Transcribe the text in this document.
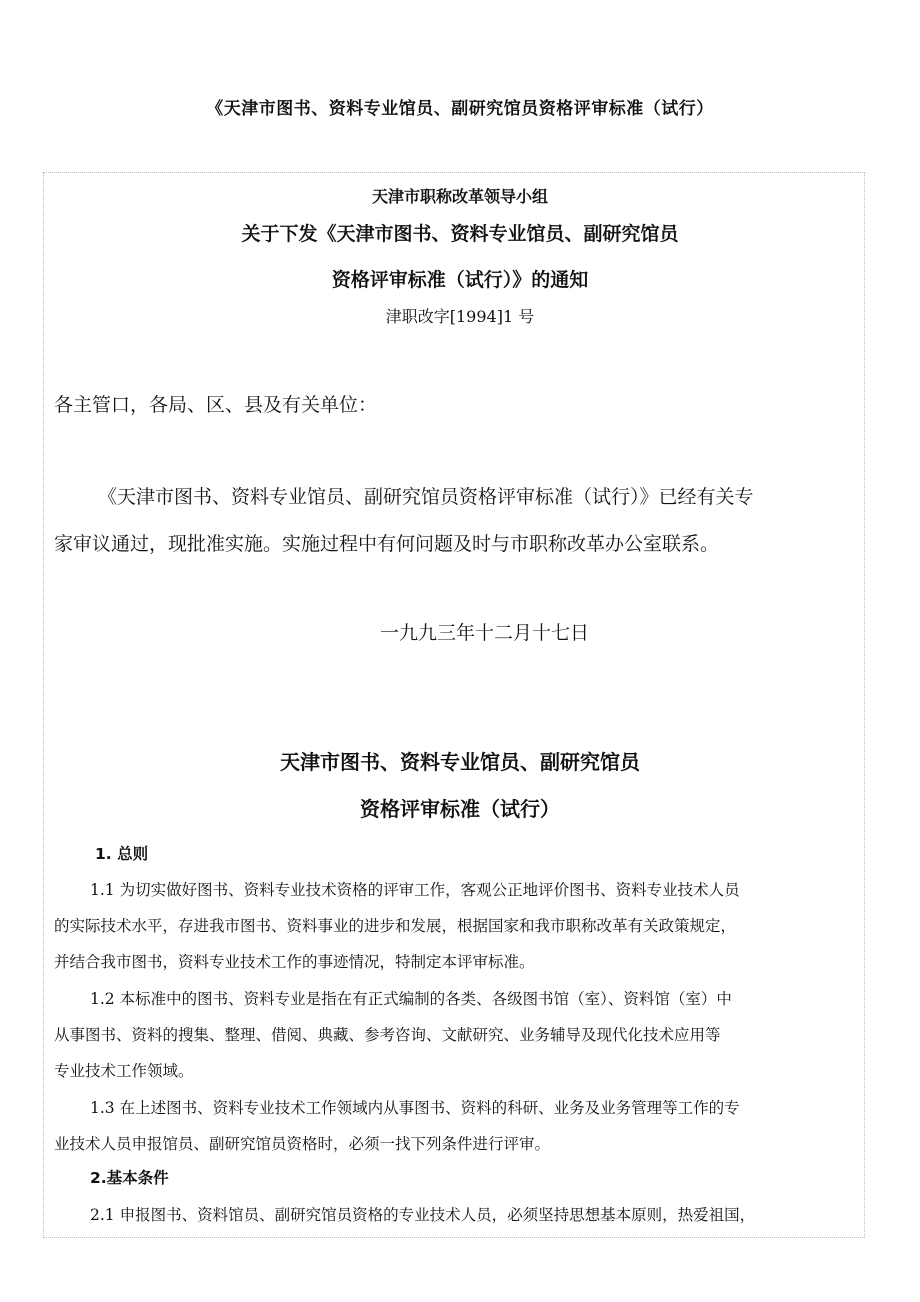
《天津市图书、资料专业馆员、副研究馆员资格评审标准（试行）
天津市职称改革领导小组
关于下发《天津市图书、资料专业馆员、副研究馆员
资格评审标准（试行）》的通知
津职改字[1994]1 号
各主管口，各局、区、县及有关单位：
《天津市图书、资料专业馆员、副研究馆员资格评审标准（试行）》已经有关专
家审议通过，现批准实施。实施过程中有何问题及时与市职称改革办公室联系。
一九九三年十二月十七日
天津市图书、资料专业馆员、副研究馆员
资格评审标准（试行）
1. 总则
1.1 为切实做好图书、资料专业技术资格的评审工作，客观公正地评价图书、资料专业技术人员
的实际技术水平，存进我市图书、资料事业的进步和发展，根据国家和我市职称改革有关政策规定，
并结合我市图书，资料专业技术工作的事迹情况，特制定本评审标准。
1.2 本标准中的图书、资料专业是指在有正式编制的各类、各级图书馆（室）、资料馆（室）中
从事图书、资料的搜集、整理、借阅、典藏、参考咨询、文献研究、业务辅导及现代化技术应用等
专业技术工作领域。
1.3 在上述图书、资料专业技术工作领域内从事图书、资料的科研、业务及业务管理等工作的专
业技术人员申报馆员、副研究馆员资格时，必须一找下列条件进行评审。
2.基本条件
2.1 申报图书、资料馆员、副研究馆员资格的专业技术人员，必须坚持思想基本原则，热爱祖国，
